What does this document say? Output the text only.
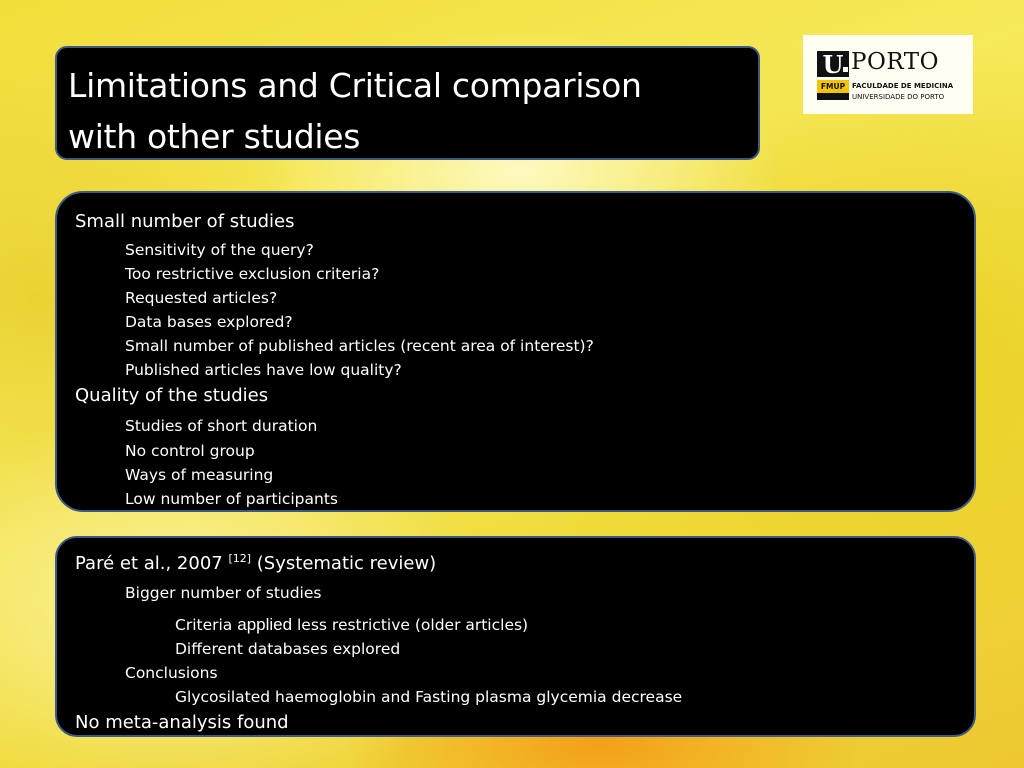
Limitations and Critical comparison
with other studies
U PORTO
FMUP FACULDADE DE MEDICINA
UNIVERSIDADE DO PORTO
Small number of studies
Sensitivity of the query?
Too restrictive exclusion criteria?
Requested articles?
Data bases explored?
Small number of published articles (recent area of interest)?
Published articles have low quality?
Quality of the studies
Studies of short duration
No control group
Ways of measuring
Low number of participants
Paré et al., 2007 [12] (Systematic review)
Bigger number of studies
Criteria applied less restrictive (older articles)
Different databases explored
Conclusions
Glycosilated haemoglobin and Fasting plasma glycemia decrease
No meta-analysis found
